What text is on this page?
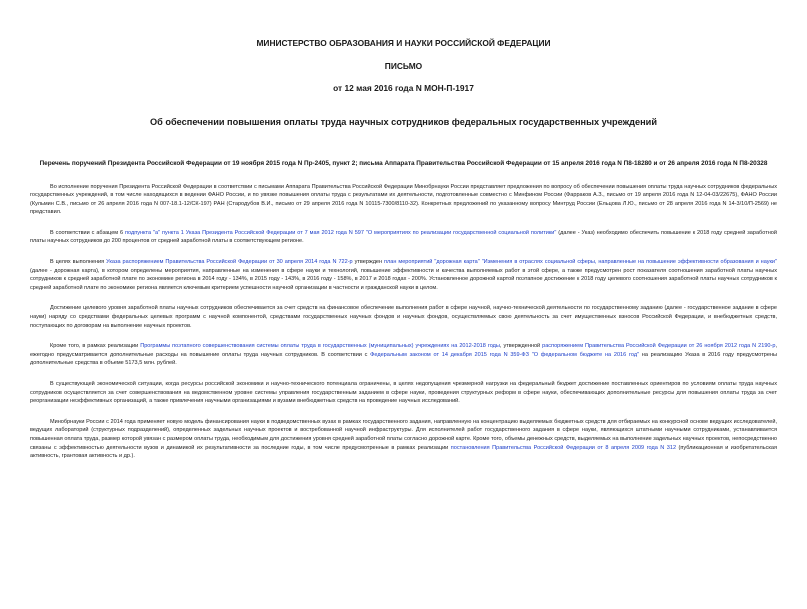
МИНИСТЕРСТВО ОБРАЗОВАНИЯ И НАУКИ РОССИЙСКОЙ ФЕДЕРАЦИИ
ПИСЬМО
от 12 мая 2016 года N МОН-П-1917
Об обеспечении повышения оплаты труда научных сотрудников федеральных государственных учреждений
Перечень поручений Президента Российской Федерации от 19 ноября 2015 года N Пр-2405, пункт 2; письма Аппарата Правительства Российской Федерации от 15 апреля 2016 года N П8-18280 и от 26 апреля 2016 года N П8-20328

Во исполнение поручения Президента Российской Федерации в соответствии с письмами Аппарата Правительства Российской Федерации Минобрнауки России представляет предложения по вопросу об обеспечении повышения оплаты труда научных сотрудников федеральных государственных учреждений, в том числе находящихся в ведении ФАНО России, и по увязке повышения оплаты труда с результатами их деятельности, подготовленные совместно с Минфином России (Фарраков А.З., письмо от 19 апреля 2016 года N 12-04-03/22675), ФАНО России (Кульмин С.В., письмо от 26 апреля 2016 года N 007-18.1-12/СК-197) РАН (Стародубов В.И., письмо от 29 апреля 2016 года N 10115-7300/8110-32). Конкретных предложений по указанному вопросу Минтруд России (Ельцова Л.Ю., письмо от 28 апреля 2016 года N 14-3/10/П-2569) не представил.

В соответствии с абзацем 6 подпункта "а" пункта 1 Указа Президента Российской Федерации от 7 мая 2012 года N 597 "О мероприятиях по реализации государственной социальной политики" (далее - Указ) необходимо обеспечить повышение к 2018 году средней заработной платы научных сотрудников до 200 процентов от средней заработной платы в соответствующем регионе.

В целях выполнения Указа распоряжением Правительства Российской Федерации от 30 апреля 2014 года N 722-р утвержден план мероприятий "дорожная карта" "Изменения в отраслях социальной сферы, направленные на повышение эффективности образования и науки" (далее - дорожная карта), в котором определены мероприятия, направленные на изменения в сфере науки и технологий, повышение эффективности и качества выполняемых работ в этой сфере, а также предусмотрен рост показателя соотношения заработной платы научных сотрудников к средней заработной плате по экономике региона в 2014 году - 134%, в 2015 году - 143%, в 2016 году - 158%, в 2017 и 2018 годах - 200%. Установленное дорожной картой поэтапное достижение к 2018 году целевого соотношения заработной платы научных сотрудников к средней заработной плате по экономике региона является ключевым критерием успешности научной организации в частности и гражданской науки в целом.

Достижение целевого уровня заработной платы научных сотрудников обеспечивается за счет средств на финансовое обеспечение выполнения работ в сфере научной, научно-технической деятельности по государственному заданию (далее - государственное задание в сфере науки) наряду со средствами федеральных целевых программ с научной компонентой, средствами государственных научных фондов и научных фондов, осуществляемых свою деятельность за счет имущественных взносов Российской Федерации, и внебюджетных средств, поступающих по договорам на выполнение научных проектов.

Кроме того, в рамках реализации Программы поэтапного совершенствования системы оплаты труда в государственных (муниципальных) учреждениях на 2012-2018 годы, утвержденной распоряжением Правительства Российской Федерации от 26 ноября 2012 года N 2190-р, ежегодно предусматривается дополнительные расходы на повышение оплаты труда научных сотрудников. В соответствии с Федеральным законом от 14 декабря 2015 года N 359-ФЗ "О федеральном бюджете на 2016 год" на реализацию Указа в 2016 году предусмотрены дополнительные средства в объеме 5173,5 млн. рублей.

В существующей экономической ситуации, когда ресурсы российской экономики и научно-технического потенциала ограничены, в целях недопущения чрезмерной нагрузки на федеральный бюджет достижение поставленных ориентиров по условиям оплаты труда научных сотрудников осуществляется за счет совершенствования на ведомственном уровне системы управления государственным заданием в сфере науки, проведения структурных реформ в сфере науки, обеспечивающих дополнительные ресурсы для повышения оплаты труда за счет реорганизации неэффективных организаций, а также привлечения научными организациями и вузами внебюджетных средств на проведение научных исследований.

Минобрнауки России с 2014 года применяет новую модель финансирования науки в подведомственных вузах в рамках государственного задания, направленную на концентрацию выделяемых бюджетных средств для отбираемых на конкурсной основе ведущих исследователей, ведущих лабораторий (структурных подразделений), определенных задельных научных проектов и востребованной научной инфраструктуры. Для исполнителей работ государственного задания в сфере науки, являющихся штатными научными сотрудниками, устанавливается повышенная оплата труда, размер которой увязан с размером оплаты труда, необходимым для достижения уровня средней заработной платы согласно дорожной карте. Кроме того, объемы денежных средств, выделяемых на выполнение задельных научных проектов, непосредственно связаны с эффективностью деятельности вузов и динамикой их результативности за последние годы, в том числе предусмотренные в рамках реализации постановления Правительства Российской Федерации от 8 апреля 2009 года N 312 (публикационная и изобретательская активность, грантовая активность и др.).
